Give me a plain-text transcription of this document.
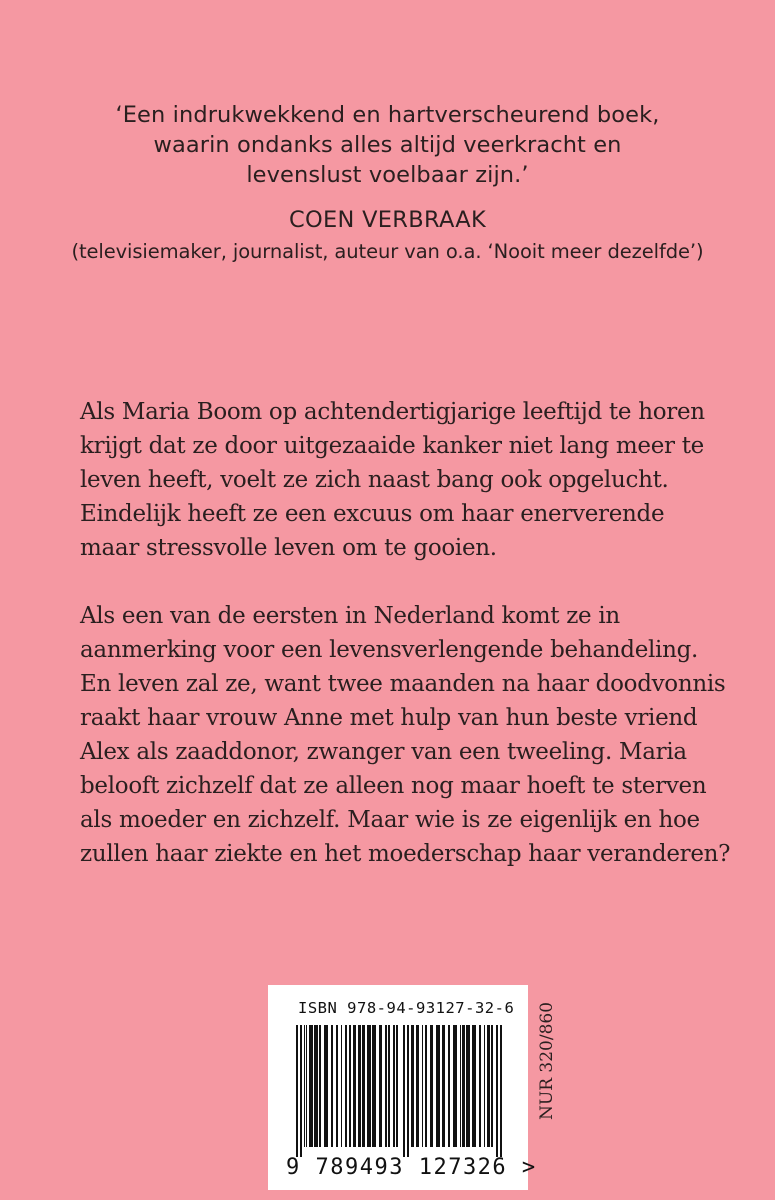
‘Een indrukwekkend en hartverscheurend boek,
waarin ondanks alles altijd veerkracht en
levenslust voelbaar zijn.’
COEN VERBRAAK
(televisiemaker, journalist, auteur van o.a. ‘Nooit meer dezelfde’)
Als Maria Boom op achtendertigjarige leeftijd te horen
krijgt dat ze door uitgezaaide kanker niet lang meer te
leven heeft, voelt ze zich naast bang ook opgelucht.
Eindelijk heeft ze een excuus om haar enerverende
maar stressvolle leven om te gooien.
Als een van de eersten in Nederland komt ze in
aanmerking voor een levensverlengende behandeling.
En leven zal ze, want twee maanden na haar doodvonnis
raakt haar vrouw Anne met hulp van hun beste vriend
Alex als zaaddonor, zwanger van een tweeling. Maria
belooft zichzelf dat ze alleen nog maar hoeft te sterven
als moeder en zichzelf. Maar wie is ze eigenlijk en hoe
zullen haar ziekte en het moederschap haar veranderen?
ISBN 978-94-93127-32-6
9 789493 127326 >
NUR 320/860
